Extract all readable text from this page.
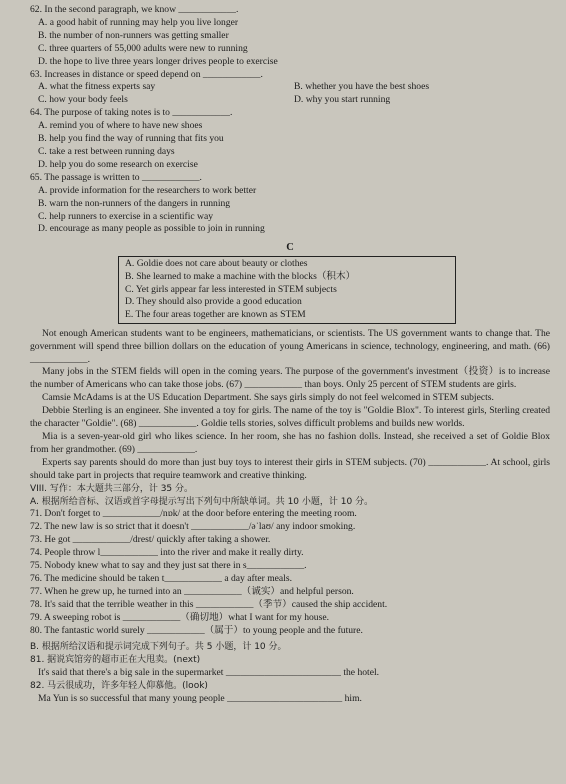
62. In the second paragraph, we know ____________.
A. a good habit of running may help you live longer
B. the number of non-runners was getting smaller
C. three quarters of 55,000 adults were new to running
D. the hope to live three years longer drives people to exercise
63. Increases in distance or speed depend on ____________.
A. what the fitness experts say	B. whether you have the best shoes
C. how your body feels	D. why you start running
64. The purpose of taking notes is to ____________.
A. remind you of where to have new shoes
B. help you find the way of running that fits you
C. take a rest between running days
D. help you do some research on exercise
65. The passage is written to ____________.
A. provide information for the researchers to work better
B. warn the non-runners of the dangers in running
C. help runners to exercise in a scientific way
D. encourage as many people as possible to join in running
C
A. Goldie does not care about beauty or clothes
B. She learned to make a machine with the blocks（积木）
C. Yet girls appear far less interested in STEM subjects
D. They should also provide a good education
E. The four areas together are known as STEM
Not enough American students want to be engineers, mathematicians, or scientists. The US government wants to change that. The government will spend three billion dollars on the education of young Americans in science, technology, engineering, and math. (66) ____________.
Many jobs in the STEM fields will open in the coming years. The purpose of the government's investment（投资）is to increase the number of Americans who can take those jobs. (67) ____________ than boys. Only 25 percent of STEM students are girls.
Camsie McAdams is at the US Education Department. She says girls simply do not feel welcomed in STEM subjects.
Debbie Sterling is an engineer. She invented a toy for girls. The name of the toy is "Goldie Blox". To interest girls, Sterling created the character "Goldie". (68) ____________. Goldie tells stories, solves difficult problems and builds new worlds.
Mia is a seven-year-old girl who likes science. In her room, she has no fashion dolls. Instead, she received a set of Goldie Blox from her grandmother. (69) ____________.
Experts say parents should do more than just buy toys to interest their girls in STEM subjects. (70) ____________. At school, girls should take part in projects that require teamwork and creative thinking.
VIII. 写作：本大题共三部分，计 35 分。
A. 根据所给音标、汉语或首字母提示写出下列句中所缺单词。共 10 小题，计 10 分。
71. Don't forget to ____________/nɒk/ at the door before entering the meeting room.
72. The new law is so strict that it doesn't ____________/əˈlaʊ/ any indoor smoking.
73. He got ____________/drest/ quickly after taking a shower.
74. People throw l____________ into the river and make it really dirty.
75. Nobody knew what to say and they just sat there in s____________.
76. The medicine should be taken t____________ a day after meals.
77. When he grew up, he turned into an ____________（诚实）and helpful person.
78. It's said that the terrible weather in this ____________（季节）caused the ship accident.
79. A sweeping robot is ____________（确切地）what I want for my house.
80. The fantastic world surely ____________（属于）to young people and the future.
B. 根据所给汉语和提示词完成下列句子。共 5 小题，计 10 分。
81. 据说宾馆旁的超市正在大甩卖。(next)
It's said that there's a big sale in the supermarket ________________________ the hotel.
82. 马云很成功，许多年轻人仰慕他。(look)
Ma Yun is so successful that many young people ________________________ him.
